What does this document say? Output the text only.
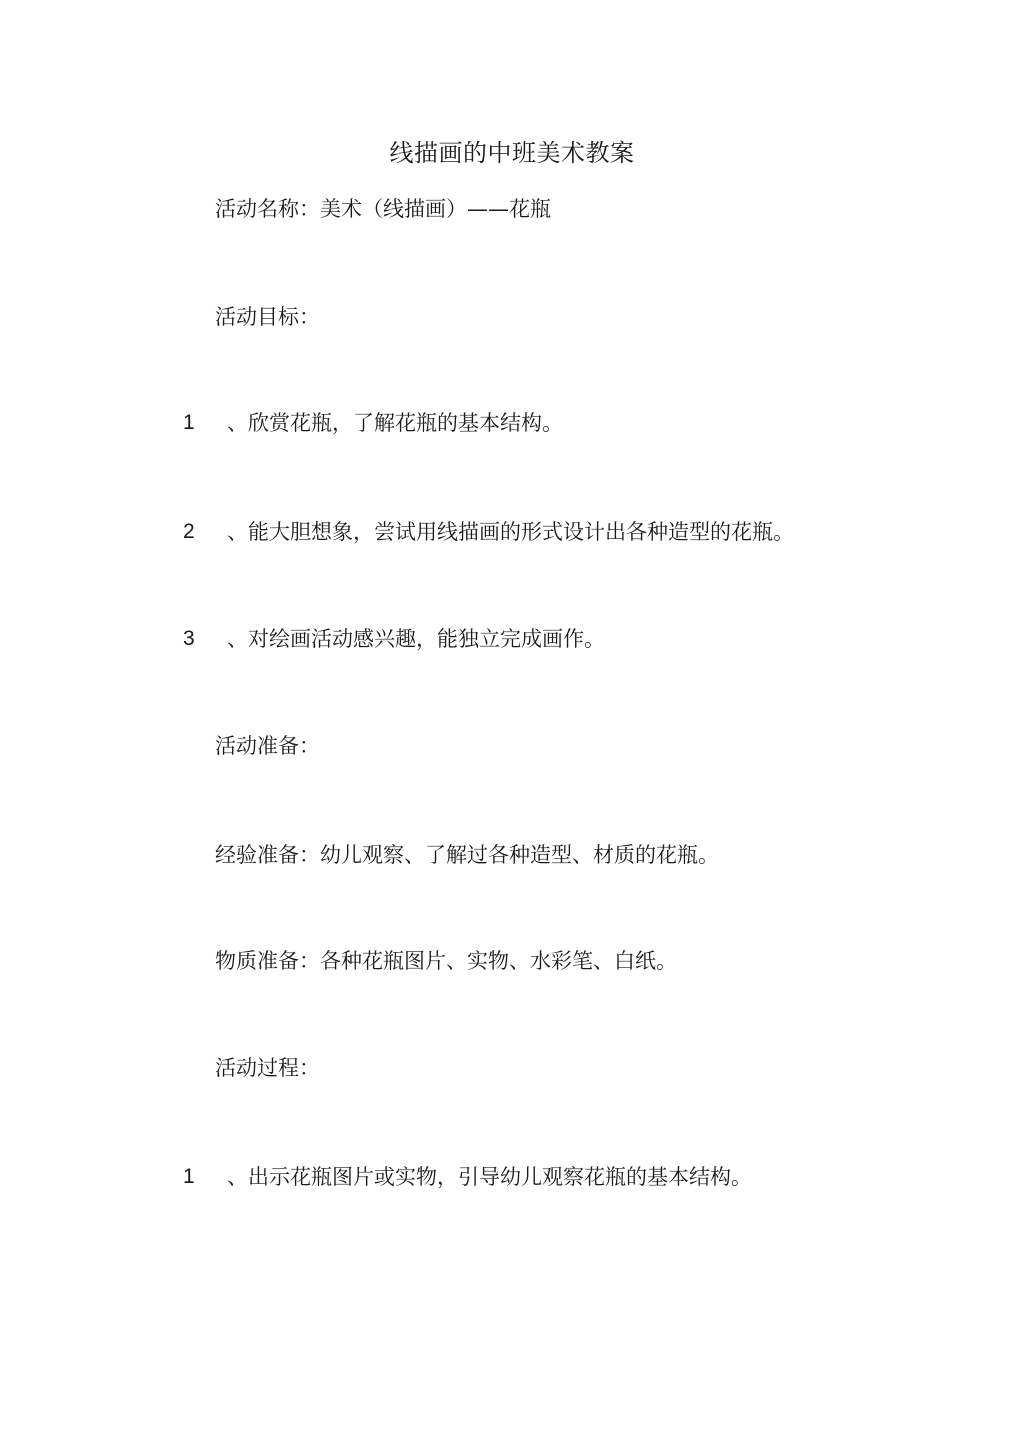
线描画的中班美术教案
活动名称：美术（线描画）——花瓶
活动目标：
1 、欣赏花瓶，了解花瓶的基本结构。
2 、能大胆想象，尝试用线描画的形式设计出各种造型的花瓶。
3 、对绘画活动感兴趣，能独立完成画作。
活动准备：
经验准备：幼儿观察、了解过各种造型、材质的花瓶。
物质准备：各种花瓶图片、实物、水彩笔、白纸。
活动过程：
1 、出示花瓶图片或实物，引导幼儿观察花瓶的基本结构。
